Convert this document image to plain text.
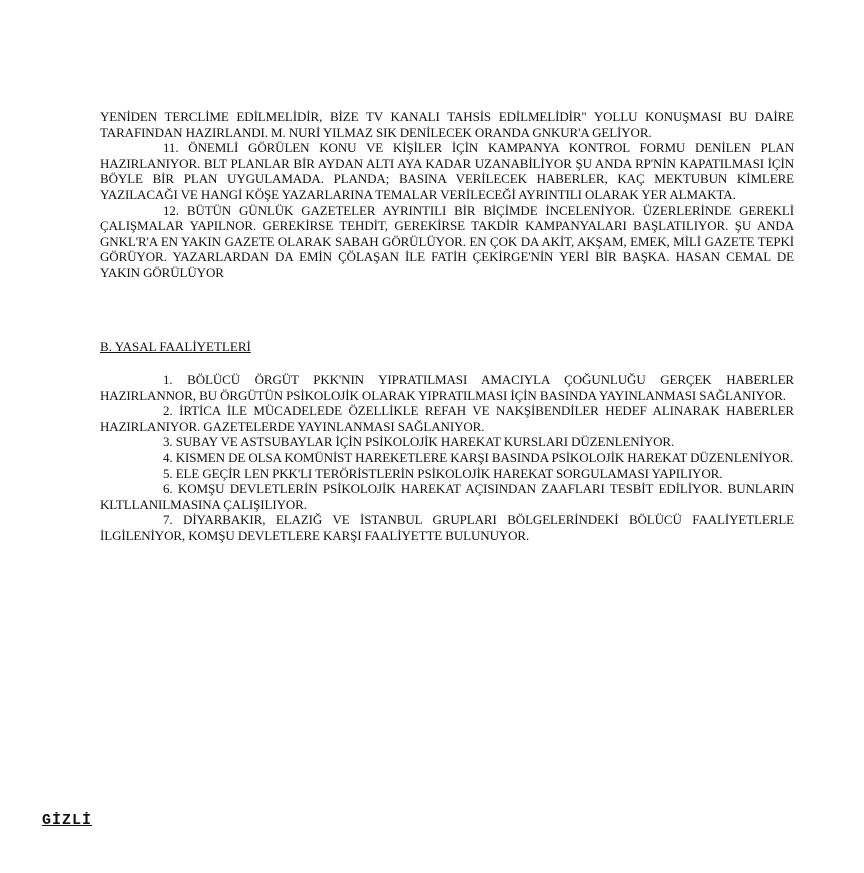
YENİDEN TERCLİME EDİLMELİDİR, BİZE TV KANALI TAHSİS EDİLMELİDİR" YOLLU KONUŞMASI BU DAİRE TARAFINDAN HAZIRLANDI. M. NURİ YILMAZ SIK DENİLECEK ORANDA GNKUR'A GELİYOR.

11. ÖNEMLİ GÖRÜLEN KONU VE KİŞİLER İÇİN KAMPANYA KONTROL FORMU DENİLEN PLAN HAZIRLANIYOR. BLT PLANLAR BİR AYDAN ALTI AYA KADAR UZANABİLİYOR ŞU ANDA RP'NİN KAPATILMASI İÇİN BÖYLE BİR PLAN UYGULAMADA. PLANDA; BASINA VERİLECEK HABERLER, KAÇ MEKTUBUN KİMLERE YAZILACAĞI VE HANGİ KÖŞE YAZARLARINA TEMALAR VERİLECEĞİ AYRINTILI OLARAK YER ALMAKTA.

12. BÜTÜN GÜNLÜK GAZETELER AYRINTILI BİR BİÇİMDE İNCELENİYOR. ÜZERLERİNDE GEREKLİ ÇALIŞMALAR YAPILNOR. GEREKİRSE TEHDİT, GEREKİRSE TAKDİR KAMPANYALARI BAŞLATILIYOR. ŞU ANDA GNKL'R'A EN YAKIN GAZETE OLARAK SABAH GÖRÜLÜYOR. EN ÇOK DA AKİT, AKŞAM, EMEK, MİLİ GAZETE TEPKİ GÖRÜYOR. YAZARLARDAN DA EMİN ÇÖLAŞAN İLE FATİH ÇEKİRGE'NİN YERİ BİR BAŞKA. HASAN CEMAL DE YAKIN GÖRÜLÜYOR

B. YASAL FAALİYETLERİ

1. BÖLÜCÜ ÖRGÜT PKK'NIN YIPRATILMASI AMACIYLA ÇOĞUNLUĞU GERÇEK HABERLER HAZIRLANNOR, BU ÖRGÜTÜN PSİKOLOJİK OLARAK YIPRATILMASI İÇİN BASINDA YAYINLANMASI SAĞLANIYOR.

2. İRTİCA İLE MÜCADELEDE ÖZELLİKLE REFAH VE NAKŞİBENDİLER HEDEF ALINARAK HABERLER HAZIRLANIYOR. GAZETELERDE YAYINLANMASI SAĞLANIYOR.

3. SUBAY VE ASTSUBAYLAR İÇİN PSİKOLOJİK HAREKAT KURSLARI DÜZENLENİYOR.

4. KISMEN DE OLSA KOMÜNİST HAREKETLERE KARŞI BASINDA PSİKOLOJİK HAREKAT DÜZENLENİYOR.

5. ELE GEÇİR LEN PKK'LI TERÖRİSTLERİN PSİKOLOJİK HAREKAT SORGULAMASI YAPILIYOR.

6. KOMŞU DEVLETLERİN PSİKOLOJİK HAREKAT AÇISINDAN ZAAFLARI TESBİT EDİLİYOR. BUNLARIN KLTLLANILMASINA ÇALIŞILIYOR.

7. DİYARBAKIR, ELAZIĞ VE İSTANBUL GRUPLARI BÖLGELERİNDEKİ BÖLÜCÜ FAALİYETLERLE İLGİLENİYOR, KOMŞU DEVLETLERE KARŞI FAALİYETTE BULUNUYOR.

GİZLİ
